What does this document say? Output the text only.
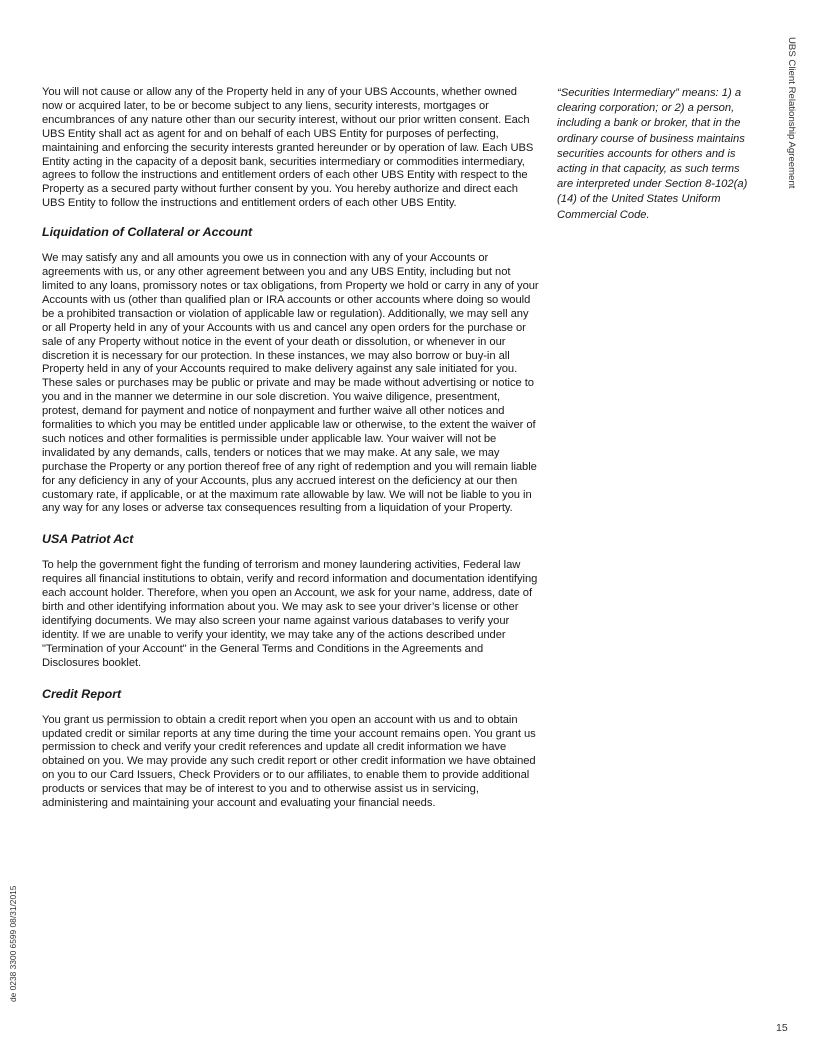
UBS Client Relationship Agreement

You will not cause or allow any of the Property held in any of your UBS Accounts, whether owned now or acquired later, to be or become subject to any liens, security interests, mortgages or encumbrances of any nature other than our security interest, without our prior written consent. Each UBS Entity shall act as agent for and on behalf of each UBS Entity for purposes of perfecting, maintaining and enforcing the security interests granted hereunder or by operation of law. Each UBS Entity acting in the capacity of a deposit bank, securities intermediary or commodities intermediary, agrees to follow the instructions and entitlement orders of each other UBS Entity with respect to the Property as a secured party without further consent by you. You hereby authorize and direct each UBS Entity to follow the instructions and entitlement orders of each other UBS Entity.

Liquidation of Collateral or Account

We may satisfy any and all amounts you owe us in connection with any of your Accounts or agreements with us, or any other agreement between you and any UBS Entity, including but not limited to any loans, promissory notes or tax obligations, from Property we hold or carry in any of your Accounts with us (other than qualified plan or IRA accounts or other accounts where doing so would be a prohibited transaction or violation of applicable law or regulation). Additionally, we may sell any or all Property held in any of your Accounts with us and cancel any open orders for the purchase or sale of any Property without notice in the event of your death or dissolution, or whenever in our discretion it is necessary for our protection. In these instances, we may also borrow or buy-in all Property held in any of your Accounts required to make delivery against any sale initiated for you. These sales or purchases may be public or private and may be made without advertising or notice to you and in the manner we determine in our sole discretion. You waive diligence, presentment, protest, demand for payment and notice of nonpayment and further waive all other notices and formalities to which you may be entitled under applicable law or otherwise, to the extent the waiver of such notices and other formalities is permissible under applicable law. Your waiver will not be invalidated by any demands, calls, tenders or notices that we may make. At any sale, we may purchase the Property or any portion thereof free of any right of redemption and you will remain liable for any deficiency in any of your Accounts, plus any accrued interest on the deficiency at our then customary rate, if applicable, or at the maximum rate allowable by law. We will not be liable to you in any way for any loses or adverse tax consequences resulting from a liquidation of your Property.

USA Patriot Act

To help the government fight the funding of terrorism and money laundering activities, Federal law requires all financial institutions to obtain, verify and record information and documentation identifying each account holder. Therefore, when you open an Account, we ask for your name, address, date of birth and other identifying information about you. We may ask to see your driver’s license or other identifying documents. We may also screen your name against various databases to verify your identity. If we are unable to verify your identity, we may take any of the actions described under "Termination of your Account" in the General Terms and Conditions in the Agreements and Disclosures booklet.

Credit Report

You grant us permission to obtain a credit report when you open an account with us and to obtain updated credit or similar reports at any time during the time your account remains open. You grant us permission to check and verify your credit references and update all credit information we have obtained on you. We may provide any such credit report or other credit information we have obtained on you to our Card Issuers, Check Providers or to our affiliates, to enable them to provide additional products or services that may be of interest to you and to otherwise assist us in servicing, administering and maintaining your account and evaluating your financial needs.

“Securities Intermediary” means: 1) a clearing corporation; or 2) a person, including a bank or broker, that in the ordinary course of business maintains securities accounts for others and is acting in that capacity, as such terms are interpreted under Section 8-102(a)(14) of the United States Uniform Commercial Code.

de 0238 3300 6599 08/31/2015
15
